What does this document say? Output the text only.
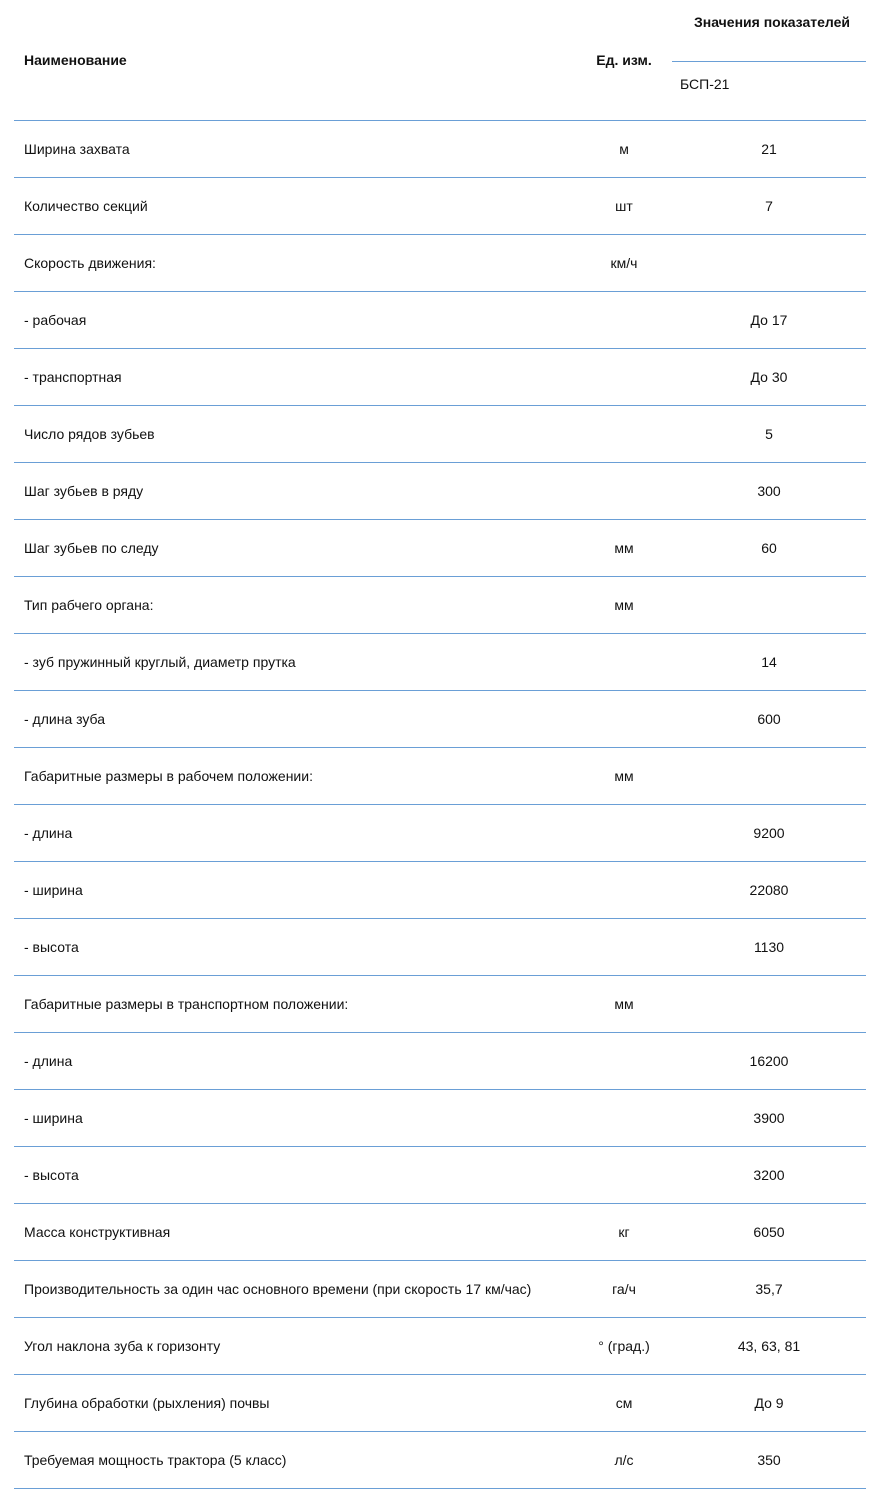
Наименование	Ед. изм.	Значения показателей
БСП-21

Ширина захвата	м	21
Количество секций	шт	7
Скорость движения:	км/ч	
- рабочая		До 17
- транспортная		До 30
Число рядов зубьев		5
Шаг зубьев в ряду		300
Шаг зубьев по следу	мм	60
Тип рабчего органа:	мм	
- зуб пружинный круглый, диаметр прутка		14
- длина зуба		600
Габаритные размеры в рабочем положении:	мм	
- длина		9200
- ширина		22080
- высота		1130
Габаритные размеры в транспортном положении:	мм	
- длина		16200
- ширина		3900
- высота		3200
Масса конструктивная	кг	6050
Производительность за один час основного времени (при скорость 17 км/час)	га/ч	35,7
Угол наклона зуба к горизонту	° (град.)	43, 63, 81
Глубина обработки (рыхления) почвы	см	До 9
Требуемая мощность трактора (5 класс)	л/с	350
